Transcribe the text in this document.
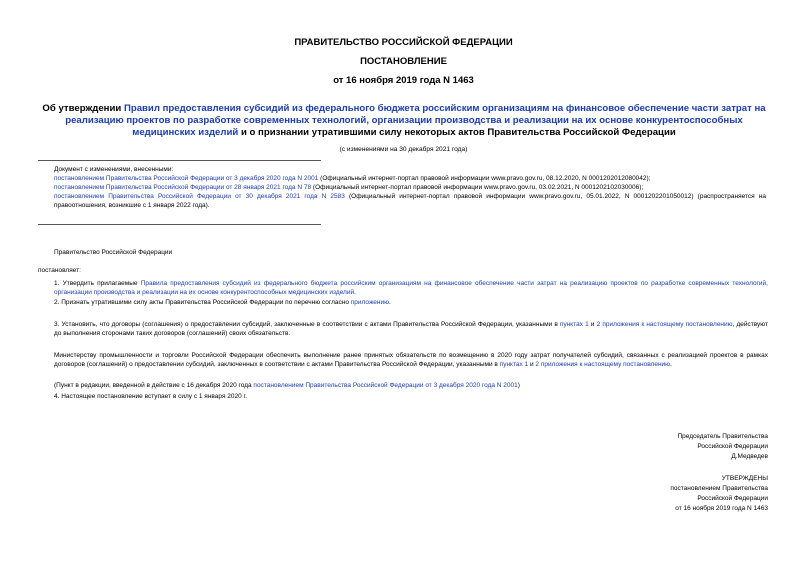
ПРАВИТЕЛЬСТВО РОССИЙСКОЙ ФЕДЕРАЦИИ
ПОСТАНОВЛЕНИЕ
от 16 ноября 2019 года N 1463
Об утверждении Правил предоставления субсидий из федерального бюджета российским организациям на финансовое обеспечение части затрат на реализацию проектов по разработке современных технологий, организации производства и реализации на их основе конкурентоспособных медицинских изделий и о признании утратившими силу некоторых актов Правительства Российской Федерации
(с изменениями на 30 декабря 2021 года)

Документ с изменениями, внесенными:

постановлением Правительства Российской Федерации от 3 декабря 2020 года N 2001 (Официальный интернет-портал правовой информации www.pravo.gov.ru, 08.12.2020, N 0001202012080042);

постановлением Правительства Российской Федерации от 28 января 2021 года N 78 (Официальный интернет-портал правовой информации www.pravo.gov.ru, 03.02.2021, N 0001202102030006);

постановлением Правительства Российской Федерации от 30 декабря 2021 года N 2583 (Официальный интернет-портал правовой информации www.pravo.gov.ru, 05.01.2022, N 0001202201050012) (распространяется на правоотношения, возникшие с 1 января 2022 года).

Правительство Российской Федерации

постановляет:

1. Утвердить прилагаемые Правила предоставления субсидий из федерального бюджета российским организациям на финансовое обеспечение части затрат на реализацию проектов по разработке современных технологий, организации производства и реализации на их основе конкурентоспособных медицинских изделий.

2. Признать утратившими силу акты Правительства Российской Федерации по перечню согласно приложению.

3. Установить, что договоры (соглашения) о предоставлении субсидий, заключенные в соответствии с актами Правительства Российской Федерации, указанными в пунктах 1 и 2 приложения к настоящему постановлению, действуют до выполнения сторонами таких договоров (соглашений) своих обязательств.

Министерству промышленности и торговли Российской Федерации обеспечить выполнение ранее принятых обязательств по возмещению в 2020 году затрат получателей субсидий, связанных с реализацией проектов в рамках договоров (соглашений) о предоставлении субсидий, заключенных в соответствии с актами Правительства Российской Федерации, указанными в пунктах 1 и 2 приложения к настоящему постановлению.

(Пункт в редакции, введенной в действие с 16 декабря 2020 года постановлением Правительства Российской Федерации от 3 декабря 2020 года N 2001)

4. Настоящее постановление вступает в силу с 1 января 2020 г.

Председатель Правительства

Российской Федерации

Д.Медведев

УТВЕРЖДЕНЫ

постановлением Правительства

Российской Федерации

от 16 ноября 2019 года N 1463
